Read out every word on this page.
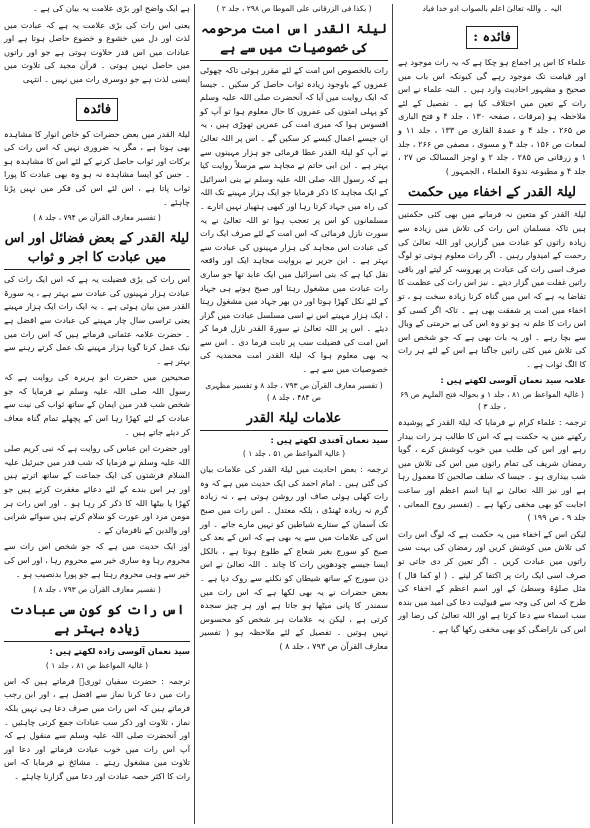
الیہ ۔ واللہ تعالیٰ اعلم بالصواب ادو خدا فیاد

فائدہ :

علماء کا اس پر اجماع ہو چکا ہے کہ یہ رات موجود ہے اور قیامت تک موجود رہے گی کیونکہ اس باب میں صحیح و مشہور احادیث وارد ہیں ۔ البتہ علماء نے اس رات کے تعین میں اختلاف کیا ہے ۔ تفصیل کے لئے ملاحظہ ہو (مرقات ، صفحہ ۱۳۰ ، جلد ۴ و فتح الباری ص ۲۶۵ ، جلد ۴ و عمدۃ القاری ص ۱۳۳ ، جلد ۱۱ و لمعات ص ۱۵۶ ، جلد ۴ و مسوی ، مصفی ص ۲۶۶ ، جلد ۱ و زرقانی ص ۲۸۵ ، جلد ۲ و اوجز المسالک ص ۲۷ ، جلد ۴ و مطبوعہ ندوۃ العلماء ، الجمہور )

لیلۃ القدر کے اخفاء میں حکمت

لیلۃ القدر کو متعین نہ فرمانے میں بھی کئی حکمتیں ہیں تاکہ مسلمان اس رات کی تلاش میں زیادہ سے زیادہ راتوں کو عبادت میں گزاریں اور اللہ تعالیٰ کی رحمت کے امیدوار رہیں ۔ اگر رات معلوم ہوتی تو لوگ صرف اسی رات کی عبادت پر بھروسہ کر لیتے اور باقی راتیں غفلت میں گزار دیتے ۔ نیز اس رات کی عظمت کا تقاضا یہ ہے کہ اس میں گناہ کرنا زیادہ سخت ہو ، تو اخفاء میں امت پر شفقت بھی ہے ۔ تاکہ اگر کسی کو اس رات کا علم نہ ہو تو وہ اس کی بے حرمتی کے وبال سے بچا رہے ۔ اور یہ بات بھی ہے کہ جو شخص اس کی تلاش میں کئی راتیں جاگتا ہے اس کے لئے ہر رات کا الگ ثواب ہے ۔

علامہ سید نعمان آلوسی لکھتے ہیں :

( غالیۃ المواعظ ص ۸۱ ، جلد ۱ و بحوالہ فتح الملہم ص ۶۹ ، جلد ۳ )

ترجمہ : علماء کرام نے فرمایا کہ لیلۃ القدر کے پوشیدہ رکھنے میں یہ حکمت ہے کہ اس کا طالب ہر رات بیدار رہے اور اس کی طلب میں خوب کوشش کرے ، گویا رمضان شریف کی تمام راتوں میں اس کی تلاش میں شب بیداری ہو ۔ جیسا کہ سلف صالحین کا معمول رہا ہے اور نیز اللہ تعالیٰ نے اپنا اسم اعظم اور ساعت اجابت کو بھی مخفی رکھا ہے ۔ (تفسیر روح المعانی ، جلد ۹ ، ص ۱۹۹ )

لیکن اس کے اخفاء میں یہ حکمت ہے کہ لوگ اس رات کی تلاش میں کوشش کریں اور رمضان کی بہت سی راتوں میں عبادت کریں ۔ اگر تعین کر دی جاتی تو صرف اسی ایک رات پر اکتفا کر لیتے ۔ ( او کما قال ) مثل صلوٰۃ وسطیٰ کے اور اسم اعظم کے اخفاء کی طرح کہ اس کی وجہ سے قبولیت دعا کی امید میں بندہ سب اسماء سے دعا کرتا ہے اور اللہ تعالیٰ کی رضا اور اس کی ناراضگی کو بھی مخفی رکھا گیا ہے ۔

( بکذا فی الزرقانی علی الموطا ص ۲۹۸ ، جلد ۲ )

لیلۃ القدر اس امت مرحومہ کی خصوصیات میں سے ہے

رات بالخصوص اس امت کے لئے مقرر ہوئی تاکہ چھوٹی عمروں کے باوجود زیادہ ثواب حاصل کر سکیں ۔ جیسا کہ ایک روایت میں آیا کہ آنحضرت صلی اللہ علیہ وسلم کو پہلی امتوں کی عمروں کا حال معلوم ہوا تو آپ کو افسوس ہوا کہ میری امت کی عمریں تھوڑی ہیں ، یہ ان جیسے اعمال کیسے کر سکیں گے ۔ اس پر اللہ تعالیٰ نے آپ کو لیلۃ القدر عطا فرمائی جو ہزار مہینوں سے بہتر ہے ۔ ابن ابی حاتم نے مجاہد سے مرسلاً روایت کیا ہے کہ رسول اللہ صلی اللہ علیہ وسلم نے بنی اسرائیل کے ایک مجاہد کا ذکر فرمایا جو ایک ہزار مہینے تک اللہ کی راہ میں جہاد کرتا رہا اور کبھی ہتھیار نہیں اتارے ۔ مسلمانوں کو اس پر تعجب ہوا تو اللہ تعالیٰ نے یہ سورت نازل فرمائی کہ اس امت کے لئے صرف ایک رات کی عبادت اس مجاہد کی ہزار مہینوں کی عبادت سے بہتر ہے ۔ ابن جریر نے بروایت مجاہد ایک اور واقعہ نقل کیا ہے کہ بنی اسرائیل میں ایک عابد تھا جو ساری رات عبادت میں مشغول رہتا اور صبح ہوتے ہی جہاد کے لئے نکل کھڑا ہوتا اور دن بھر جہاد میں مشغول رہتا ، ایک ہزار مہینے اس نے اسی مسلسل عبادت میں گزار دیئے ۔ اس پر اللہ تعالیٰ نے سورۃ القدر نازل فرما کر اس امت کی فضیلت سب پر ثابت فرما دی ۔ اس سے یہ بھی معلوم ہوا کہ لیلۃ القدر امت محمدیہ کی خصوصیات میں سے ہے ۔

( تفسیر معارف القرآن ص ۷۹۳ ، جلد ۸ و تفسیر مظہری ص ۴۸۴ ، جلد ۸ )

علامات لیلۃ القدر

سید نعمان آفندی لکھتے ہیں :

( غالیۃ المواعظ ص ۵۱ ، جلد ۱ )

ترجمہ : بعض احادیث میں لیلۃ القدر کی علامات بیان کی گئی ہیں ۔ امام احمد کی ایک حدیث میں ہے کہ وہ رات کھلی ہوئی صاف اور روشن ہوتی ہے ، نہ زیادہ گرم نہ زیادہ ٹھنڈی ، بلکہ معتدل ۔ اس رات میں صبح تک آسمان کے ستارے شیاطین کو نہیں مارے جاتے ۔ اور اس کی علامات میں سے یہ بھی ہے کہ اس کے بعد کی صبح کو سورج بغیر شعاع کے طلوع ہوتا ہے ، بالکل ایسا جیسے چودھویں رات کا چاند ۔ اللہ تعالیٰ نے اس دن سورج کے ساتھ شیطان کو نکلنے سے روک دیا ہے ۔ بعض حضرات نے یہ بھی لکھا ہے کہ اس رات میں سمندر کا پانی میٹھا ہو جاتا ہے اور ہر چیز سجدہ کرتی ہے ، لیکن یہ علامات ہر شخص کو محسوس نہیں ہوتیں ۔ تفصیل کے لئے ملاحظہ ہو ( تفسیر معارف القرآن ص ۷۹۳ ، جلد ۸ )

ہے ایک واضح اور بڑی علامت یہ بیان کی ہے ۔

یعنی اس رات کی بڑی علامت یہ ہے کہ عبادت میں لذت اور دل میں خشوع و خضوع حاصل ہوتا ہے اور عبادات میں اس قدر حلاوت ہوتی ہے جو اور راتوں میں حاصل نہیں ہوتی ۔ قرآن مجید کی تلاوت میں ایسی لذت ہے جو دوسری رات میں نہیں ۔ انتہی

فائدہ

لیلۃ القدر میں بعض حضرات کو خاص انوار کا مشاہدہ بھی ہوتا ہے ، مگر یہ ضروری نہیں کہ اس رات کی برکات اور ثواب حاصل کرنے کے لئے اس کا مشاہدہ ہو ۔ جس کو ایسا مشاہدہ نہ ہو وہ بھی عبادت کا پورا ثواب پاتا ہے ، اس لئے اس کی فکر میں نہیں پڑنا چاہئے ۔

( تفسیر معارف القرآن ص ۷۹۴ ، جلد ۸ )

لیلۃ القدر کے بعض فضائل اور اس میں عبادت کا اجر و ثواب

اس رات کی بڑی فضیلت یہ ہے کہ اس ایک رات کی عبادت ہزار مہینوں کی عبادت سے بہتر ہے ، یہ سورۃ القدر میں بیان ہوئی ہے ۔ یہ ایک رات ایک ہزار مہینے یعنی تراسی سال چار مہینے کی عبادت سے افضل ہے ۔ حضرت علامہ عثمانی فرماتے ہیں کہ اس رات میں نیک عمل کرنا گویا ہزار مہینے تک عمل کرتے رہنے سے بہتر ہے ۔

صحیحین میں حضرت ابو ہریرہ کی روایت ہے کہ رسول اللہ صلی اللہ علیہ وسلم نے فرمایا کہ جو شخص شب قدر میں ایمان کے ساتھ ثواب کی نیت سے عبادت کے لئے کھڑا رہا اس کے پچھلے تمام گناہ معاف کر دیئے جاتے ہیں ۔

اور حضرت ابن عباس کی روایت ہے کہ نبی کریم صلی اللہ علیہ وسلم نے فرمایا کہ شب قدر میں جبرئیل علیہ السلام فرشتوں کی ایک جماعت کے ساتھ اترتے ہیں اور ہر اس بندے کے لئے دعائے مغفرت کرتے ہیں جو کھڑا یا بیٹھا اللہ کا ذکر کر رہا ہو ۔ اور اس رات ہر مومن مرد اور عورت کو سلام کرتے ہیں سوائے شرابی اور والدین کے نافرمان کے ۔

اور ایک حدیث میں ہے کہ جو شخص اس رات سے محروم رہا وہ ساری خیر سے محروم رہا ، اور اس کی خیر سے وہی محروم رہتا ہے جو پورا بدنصیب ہو ۔

( تفسیر معارف القرآن ص ۷۹۳ ، جلد ۸ )

اس رات کو کون سی عبادت زیادہ بہتر ہے

سید نعمان آلوسی زادہ لکھتے ہیں :

( غالیۃ المواعظ ص ۸۱ ، جلد ۱ )

ترجمہ : حضرت سفیان ثوریؒ فرماتے ہیں کہ اس رات میں دعا کرنا نماز سے افضل ہے ، اور ابن رجب فرماتے ہیں کہ اس رات میں صرف دعا ہی نہیں بلکہ نماز ، تلاوت اور ذکر سب عبادات جمع کرنی چاہئیں ۔ اور آنحضرت صلی اللہ علیہ وسلم سے منقول ہے کہ آپ اس رات میں خوب عبادت فرماتے اور دعا اور تلاوت میں مشغول رہتے ۔ مشائخ نے فرمایا کہ اس رات کا اکثر حصہ عبادت اور دعا میں گزارنا چاہئے ۔
